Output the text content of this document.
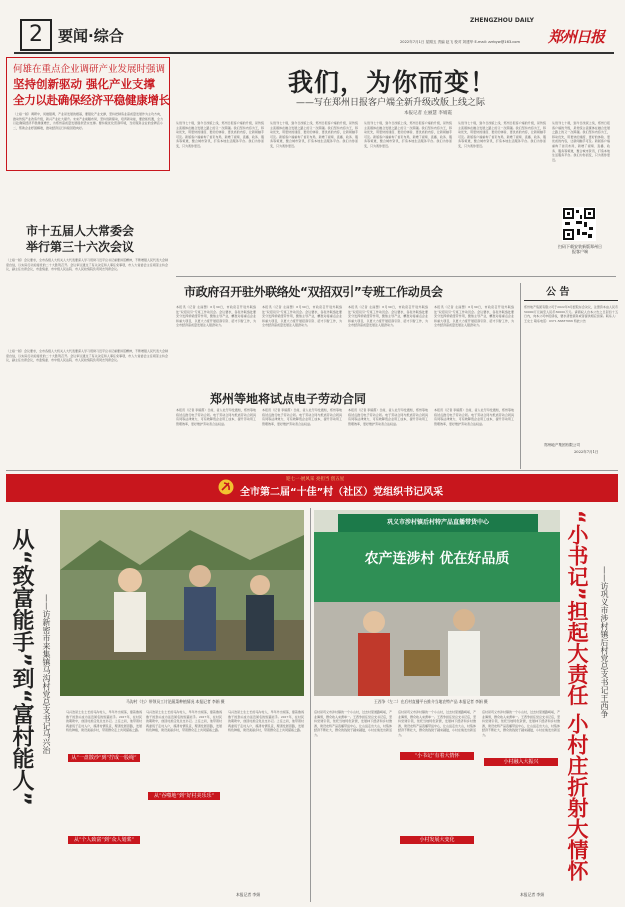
2	要闻·综合
ZHENGZHOU DAILY
2022年7月1日 星期五 责编 赵飞 校对 刘建华 E-mail: zzrbyw@163.com 郑州日报
何雄在重点企业调研产业发展时强调
坚持创新驱动 强化产业支撑
全力以赴确保经济平稳健康增长
（上接一版）调研中，何雄强调，产业是发展的根基，要强化产业支撑，坚持把制造业高质量发展作为主攻方向，推动传统产业改造升级，新兴产业壮大提升。未来产业前瞻布局，坚持创新驱动，培育新动能，要抢抓机遇，全力以赴确保经济平稳健康增长，为郑州高质量发展提供坚实支撑。要持续优化营商环境，当好服务企业的金牌店小二，帮助企业纾困解难，推动经济运行持续回稳向好。
市十五届人大常委会
举行第三十六次会议
（上接一版）会议要求，全市各级人大机关人大代表要深入学习贯彻习近平总书记重要讲话精神，不断增强人民代表大会制度自信，以实际行动迎接党的二十大胜利召开。会议审议通过了有关决定和人事任免事项，市人大常委会主任胡荃主持会议，副主任出席会议，市监察委、市中级人民法院、市人民检察院负责同志列席会议。
（上接一版）会议要求，全市各级人大机关人大代表要深入学习贯彻习近平总书记重要讲话精神，不断增强人民代表大会制度自信，以实际行动迎接党的二十大胜利召开。会议审议通过了有关决定和人事任免事项，市人大常委会主任胡荃主持会议，副主任出席会议，市监察委、市中级人民法院、市人民检察院负责同志列席会议。
我们，为你而变！
——写在郑州日报客户端全新升级改版上线之际
本报记者 左丽慧 李娟霞
从创刊七十载，到今日改版上线，郑州日报客户端的升级，是传统主流媒体在融合发展之路上的又一次跨越。我们坚持内容为王，移动优先，用更快的速度、更好的体验、更优质的内容，让新闻触手可及。新版客户端重构了首页布局，新增了视频、直播、政务、服务等频道，聚合城市资讯，打造本地生活服务平台。我们为你而变，只为离你更近。
从创刊七十载，到今日改版上线，郑州日报客户端的升级，是传统主流媒体在融合发展之路上的又一次跨越。我们坚持内容为王，移动优先，用更快的速度、更好的体验、更优质的内容，让新闻触手可及。新版客户端重构了首页布局，新增了视频、直播、政务、服务等频道，聚合城市资讯，打造本地生活服务平台。我们为你而变，只为离你更近。
从创刊七十载，到今日改版上线，郑州日报客户端的升级，是传统主流媒体在融合发展之路上的又一次跨越。我们坚持内容为王，移动优先，用更快的速度、更好的体验、更优质的内容，让新闻触手可及。新版客户端重构了首页布局，新增了视频、直播、政务、服务等频道，聚合城市资讯，打造本地生活服务平台。我们为你而变，只为离你更近。
从创刊七十载，到今日改版上线，郑州日报客户端的升级，是传统主流媒体在融合发展之路上的又一次跨越。我们坚持内容为王，移动优先，用更快的速度、更好的体验、更优质的内容，让新闻触手可及。新版客户端重构了首页布局，新增了视频、直播、政务、服务等频道，聚合城市资讯，打造本地生活服务平台。我们为你而变，只为离你更近。
从创刊七十载，到今日改版上线，郑州日报客户端的升级，是传统主流媒体在融合发展之路上的又一次跨越。我们坚持内容为王，移动优先，用更快的速度、更好的体验、更优质的内容，让新闻触手可及。新版客户端重构了首页布局，新增了视频、直播、政务、服务等频道，聚合城市资讯，打造本地生活服务平台。我们为你而变，只为离你更近。
扫码下载安装新版郑州日报客户端
市政府召开驻外联络处“双招双引”专班工作动员会
本报讯（记者 左丽慧）6月30日，市政府召开驻外联络处“双招双引”专班工作动员会。会议要求，各驻外联络处要充分发挥桥梁纽带作用，聚焦主导产业，精准对接重点企业和重大项目，以更大力度开展招商引资、招才引智工作，为全市经济高质量发展注入强劲动力。
本报讯（记者 左丽慧）6月30日，市政府召开驻外联络处“双招双引”专班工作动员会。会议要求，各驻外联络处要充分发挥桥梁纽带作用，聚焦主导产业，精准对接重点企业和重大项目，以更大力度开展招商引资、招才引智工作，为全市经济高质量发展注入强劲动力。
本报讯（记者 左丽慧）6月30日，市政府召开驻外联络处“双招双引”专班工作动员会。会议要求，各驻外联络处要充分发挥桥梁纽带作用，聚焦主导产业，精准对接重点企业和重大项目，以更大力度开展招商引资、招才引智工作，为全市经济高质量发展注入强劲动力。
本报讯（记者 左丽慧）6月30日，市政府召开驻外联络处“双招双引”专班工作动员会。会议要求，各驻外联络处要充分发挥桥梁纽带作用，聚焦主导产业，精准对接重点企业和重大项目，以更大力度开展招商引资、招才引智工作，为全市经济高质量发展注入强劲动力。
郑州等地将试点电子劳动合同
本报讯（记者 李娟霞）日前，省人社厅印发通知，郑州等地将试点推行电子劳动合同。电子劳动合同与纸质劳动合同具有同等法律效力，可有效降低企业用工成本，提升劳动用工管理效率，更好维护劳动者合法权益。
本报讯（记者 李娟霞）日前，省人社厅印发通知，郑州等地将试点推行电子劳动合同。电子劳动合同与纸质劳动合同具有同等法律效力，可有效降低企业用工成本，提升劳动用工管理效率，更好维护劳动者合法权益。
本报讯（记者 李娟霞）日前，省人社厅印发通知，郑州等地将试点推行电子劳动合同。电子劳动合同与纸质劳动合同具有同等法律效力，可有效降低企业用工成本，提升劳动用工管理效率，更好维护劳动者合法权益。
本报讯（记者 李娟霞）日前，省人社厅印发通知，郑州等地将试点推行电子劳动合同。电子劳动合同与纸质劳动合同具有同等法律效力，可有效降低企业用工成本，提升劳动用工管理效率，更好维护劳动者合法权益。
公 告
郑州地产集团有限公司于2022年6月经股东会决议，注册资本由人民币50000万元减至人民币30000万元。请债权人自本公告之日起四十五日内，向本公司申报债权，要求清偿债务或者提供相应担保。联系人：王女士 联系电话：0371-56887666 特此公告
郑州地产集团有限公司
2022年7月1日
迎七一·展风采 亮担当 创五星
全市第二届“十佳”村（社区）党组织书记风采
从“致富能手”到“富村能人” ——访新密市来集镇马沟村党总支书记马兴治	马沟村（右）带领员工讨论蔬菜种植情况 本报记者 李娟 摄
马兴治是土生土长的马沟村人，早年外出闯荡，靠着敢闯敢干的劲头成为远近闻名的致富能手。2017年，在村民的期盼中，他回村担任党总支书记。上任之初，他带领村两委班子走村入户，摸清村情民意，理清发展思路，发展特色种植，建设美丽乡村，带领群众走上共同富裕之路。
马兴治是土生土长的马沟村人，早年外出闯荡，靠着敢闯敢干的劲头成为远近闻名的致富能手。2017年，在村民的期盼中，他回村担任党总支书记。上任之初，他带领村两委班子走村入户，摸清村情民意，理清发展思路，发展特色种植，建设美丽乡村，带领群众走上共同富裕之路。
马兴治是土生土长的马沟村人，早年外出闯荡，靠着敢闯敢干的劲头成为远近闻名的致富能手。2017年，在村民的期盼中，他回村担任党总支书记。上任之初，他带领村两委班子走村入户，摸清村情民意，理清发展思路，发展特色种植，建设美丽乡村，带领群众走上共同富裕之路。
从“一盘散沙”到“拧成一股绳”
从“个人致富”到“众人划桨”
从“吞噬地”到“好村美乐乐”
本报记者 李娟
巩义市涉村镇后村特产品直播带货中心
农产连涉村 优在好品质
王西争（左二）在后村直播平台推介当地农特产品 本报记者 李娟 摄	“小书记”担起大责任 小村庄折射大情怀	——访巩义市涉村镇后村党总支书记王西争
后村是巩义市涉村镇的一个小山村，过去村里道路崎岖，产业薄弱，群众收入来源单一。王西争担任党总支书记后，坚持党建引领，依托当地特色资源，发展林下经济和乡村旅游，建设农特产品直播带货中心，让山货走出大山，村集体经济不断壮大，群众的钱袋子越来越鼓，小村庄焕发出新活力。
后村是巩义市涉村镇的一个小山村，过去村里道路崎岖，产业薄弱，群众收入来源单一。王西争担任党总支书记后，坚持党建引领，依托当地特色资源，发展林下经济和乡村旅游，建设农特产品直播带货中心，让山货走出大山，村集体经济不断壮大，群众的钱袋子越来越鼓，小村庄焕发出新活力。
后村是巩义市涉村镇的一个小山村，过去村里道路崎岖，产业薄弱，群众收入来源单一。王西争担任党总支书记后，坚持党建引领，依托当地特色资源，发展林下经济和乡村旅游，建设农特产品直播带货中心，让山货走出大山，村集体经济不断壮大，群众的钱袋子越来越鼓，小村庄焕发出新活力。
“小书记”有着大情怀
小村发展大变化
小村融入大振兴
本报记者 李娟
